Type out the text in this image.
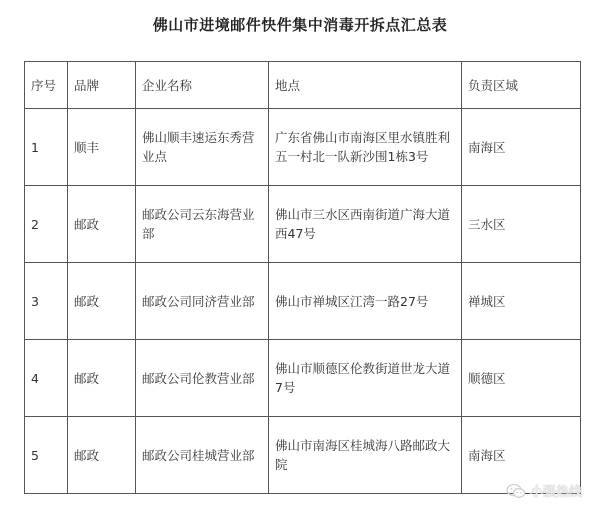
佛山市进境邮件快件集中消毒开拆点汇总表
序号	品牌	企业名称	地点	负责区域
1	顺丰	佛山顺丰速运东秀营业点	广东省佛山市南海区里水镇胜利五一村北一队新沙围1栋3号	南海区
2	邮政	邮政公司云东海营业部	佛山市三水区西南街道广海大道西47号	三水区
3	邮政	邮政公司同济营业部	佛山市禅城区江湾一路27号	禅城区
4	邮政	邮政公司伦教营业部	佛山市顺德区伦教街道世龙大道7号	顺德区
5	邮政	邮政公司桂城营业部	佛山市南海区桂城海八路邮政大院	南海区
小强热线
